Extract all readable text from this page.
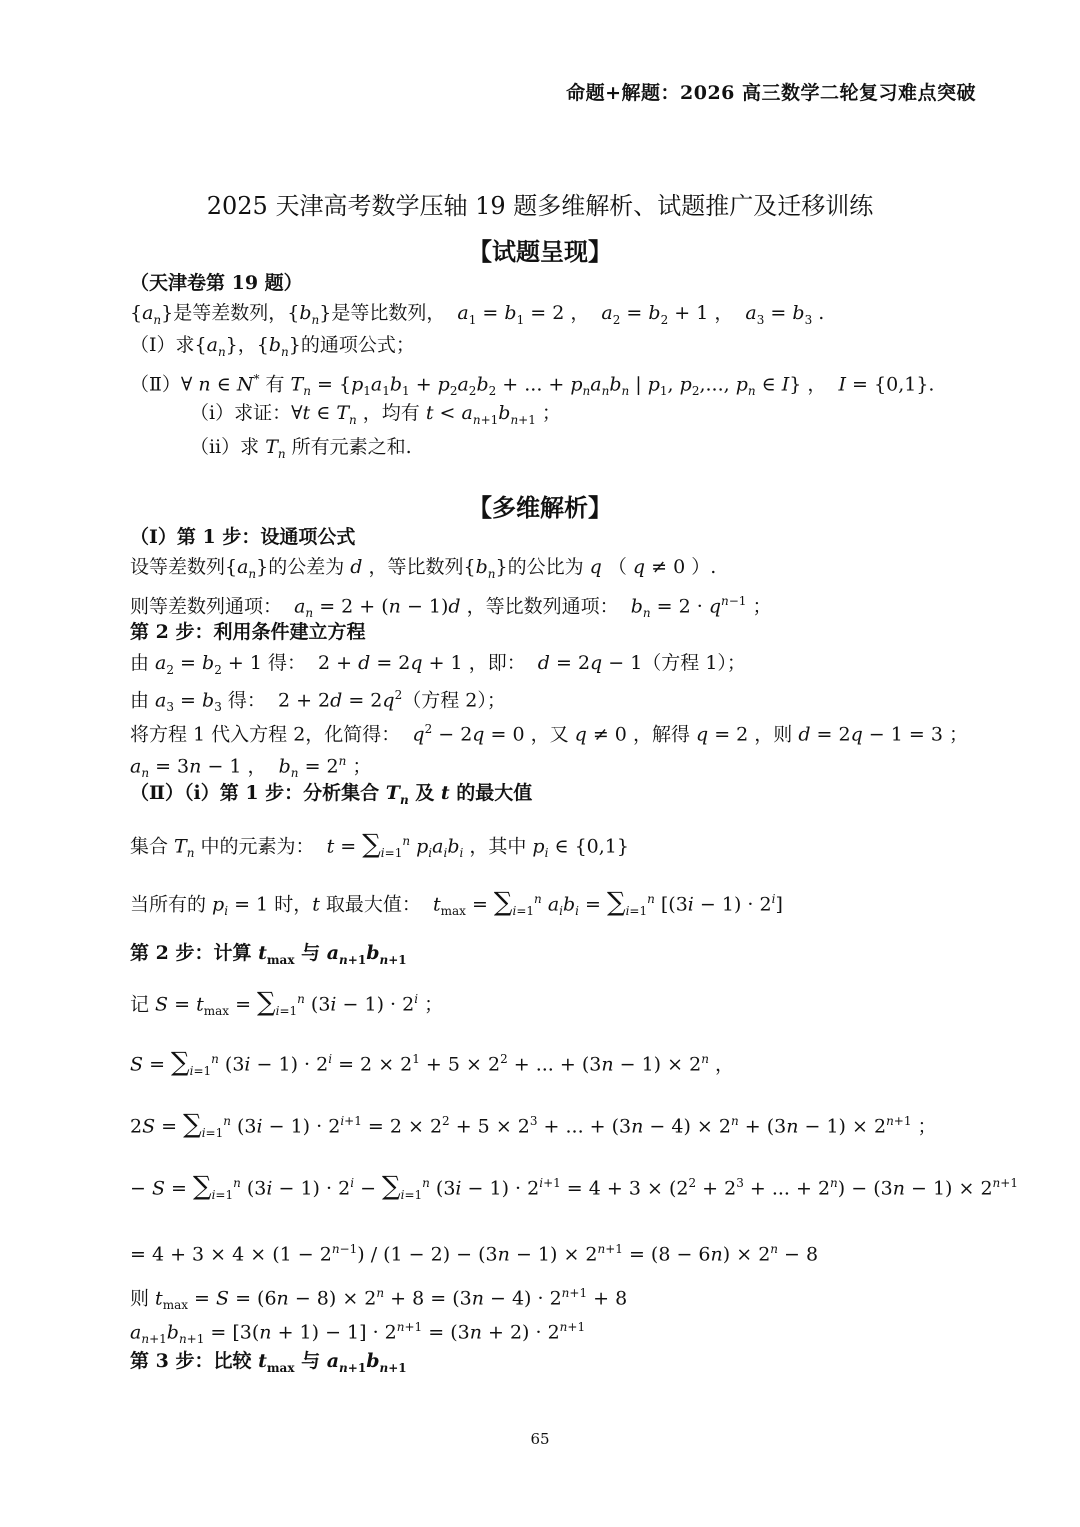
命题+解题：2026 高三数学二轮复习难点突破
2025 天津高考数学压轴 19 题多维解析、试题推广及迁移训练
【试题呈现】
（天津卷第 19 题）
$\{a_n\}$是等差数列，$\{b_n\}$是等比数列，  $a_1 = b_1 = 2$ ，  $a_2 = b_2 + 1$ ，  $a_3 = b_3$ .
（Ⅰ）求$\{a_n\}$，$\{b_n\}$的通项公式；
（Ⅱ）∀ n ∈ N* 有 $T_n = \{p_1a_1b_1 + p_2a_2b_2$ + ... + $p_na_nb_n$ | $p_1$, $p_2$,..., $p_n$ ∈ I} ，  I = {0,1}.
（ⅰ）求证：∀t ∈ $T_n$ ，均有 $t < a_{n+1}b_{n+1}$ ；
（ⅱ）求 $T_n$ 所有元素之和.
【多维解析】
（Ⅰ）第 1 步：设通项公式
设等差数列$\{a_n\}$的公差为 d ，等比数列$\{b_n\}$的公比为 q （ q ≠ 0 ）.
则等差数列通项：  $a_n = 2 + (n - 1)d$ ，等比数列通项：  $b_n = 2 \cdot q^{n-1}$ ；
第 2 步：利用条件建立方程
由 $a_2 = b_2 + 1$ 得：  2 + d = 2q + 1 ，即：  d = 2q − 1（方程 1）；
由 $a_3 = b_3$ 得：  $2 + 2d = 2q^2$（方程 2）；
将方程 1 代入方程 2，化简得：  $q^2 - 2q = 0$ ，又 q ≠ 0 ，解得 q = 2 ，则 d = 2q − 1 = 3 ；
$a_n = 3n - 1$ ，  $b_n = 2^n$ ；
（Ⅱ）（ⅰ）第 1 步：分析集合 $T_n$ 及 t 的最大值
集合 $T_n$ 中的元素为：  $t = \sum_{i=1}^n$ $p_ia_ib_i$ ，其中 $p_i$ ∈ {0,1}
当所有的 $p_i = 1$ 时，t 取最大值：  $t_{max} = \sum_{i=1}^n$ $a_ib_i = \sum_{i=1}^n$ $[(3i - 1) \cdot 2^i]$
第 2 步：计算 $t_{max}$ 与 $a_{n+1}b_{n+1}$
记 $S = t_{max} = \sum_{i=1}^n$ $(3i - 1) \cdot 2^i$ ；
$S = \sum_{i=1}^n$ $(3i - 1) \cdot 2^i = 2 \times 2^1 + 5 \times 2^2$ + ... + $(3n - 1) \times 2^n$ ，
$2S = \sum_{i=1}^n$ $(3i - 1) \cdot 2^{i+1} = 2 \times 2^2 + 5 \times 2^3$ + ... + $(3n - 4) \times 2^n + (3n - 1) \times 2^{n+1}$ ；
− $S = \sum_{i=1}^n$ $(3i - 1) \cdot 2^i - \sum_{i=1}^n$ $(3i - 1) \cdot 2^{i+1} = 4 + 3 \times (2^2 + 2^3$ + ... + $2^n) - (3n - 1) \times 2^{n+1}$
= $4 + 3 \times 4 \times (1 - 2^{n-1}) / (1 - 2) - (3n - 1) \times 2^{n+1} = (8 - 6n) \times 2^n - 8$
则 $t_{max} = S = (6n - 8) \times 2^n + 8 = (3n - 4) \cdot 2^{n+1} + 8$
$a_{n+1}b_{n+1} = [3(n + 1) - 1] \cdot 2^{n+1} = (3n + 2) \cdot 2^{n+1}$
第 3 步：比较 $t_{max}$ 与 $a_{n+1}b_{n+1}$
65
